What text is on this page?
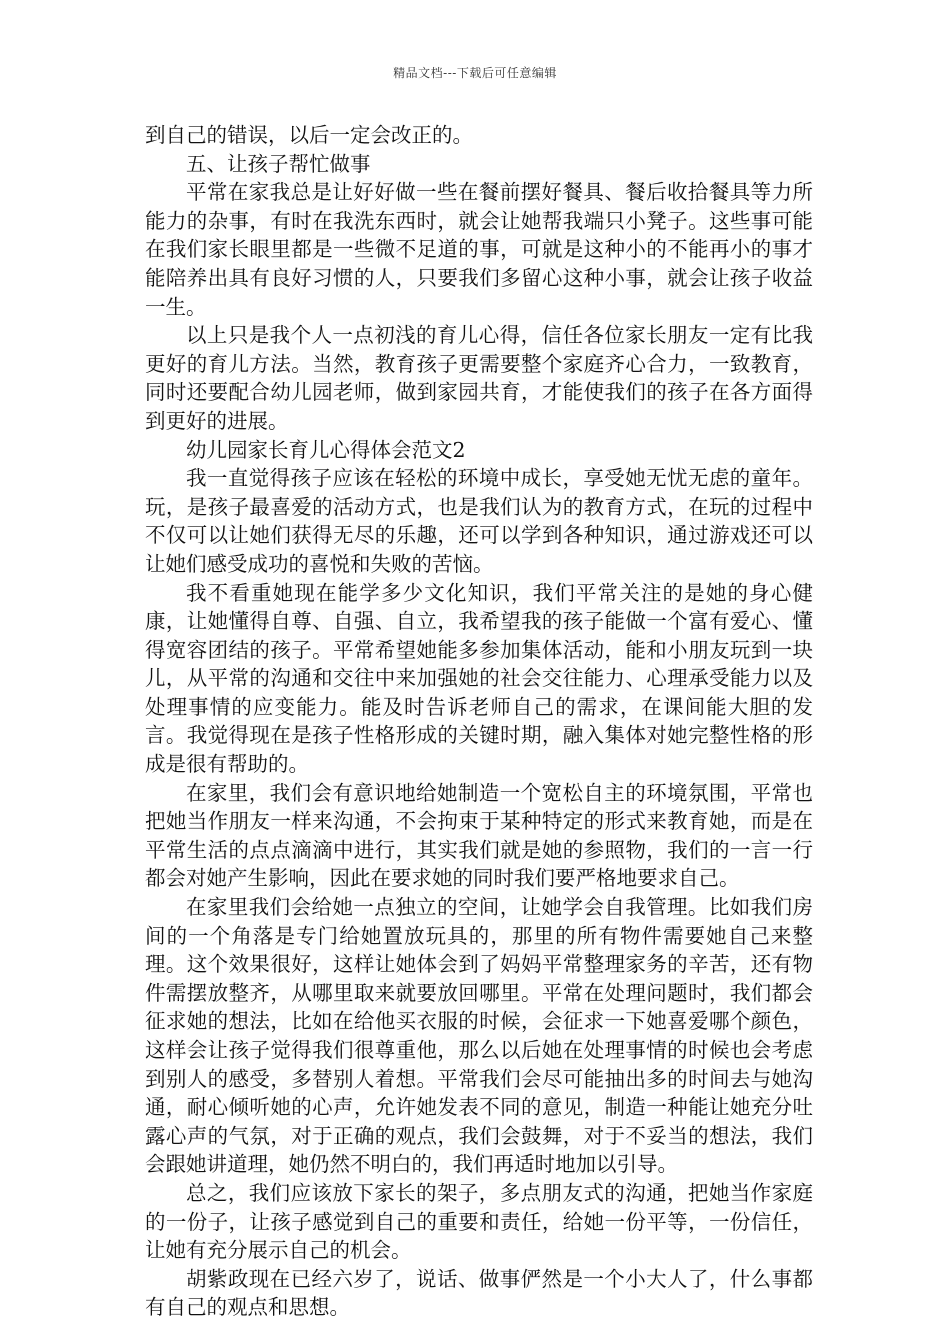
精品文档---下载后可任意编辑

到自己的错误，以后一定会改正的。

五、让孩子帮忙做事

平常在家我总是让好好做一些在餐前摆好餐具、餐后收拾餐具等力所能力的杂事，有时在我洗东西时，就会让她帮我端只小凳子。这些事可能在我们家长眼里都是一些微不足道的事，可就是这种小的不能再小的事才能陪养出具有良好习惯的人，只要我们多留心这种小事，就会让孩子收益一生。

以上只是我个人一点初浅的育儿心得，信任各位家长朋友一定有比我更好的育儿方法。当然，教育孩子更需要整个家庭齐心合力，一致教育，同时还要配合幼儿园老师，做到家园共育，才能使我们的孩子在各方面得到更好的进展。

幼儿园家长育儿心得体会范文2

我一直觉得孩子应该在轻松的环境中成长，享受她无忧无虑的童年。玩，是孩子最喜爱的活动方式，也是我们认为的教育方式，在玩的过程中不仅可以让她们获得无尽的乐趣，还可以学到各种知识，通过游戏还可以让她们感受成功的喜悦和失败的苦恼。

我不看重她现在能学多少文化知识，我们平常关注的是她的身心健康，让她懂得自尊、自强、自立，我希望我的孩子能做一个富有爱心、懂得宽容团结的孩子。平常希望她能多参加集体活动，能和小朋友玩到一块儿，从平常的沟通和交往中来加强她的社会交往能力、心理承受能力以及处理事情的应变能力。能及时告诉老师自己的需求，在课间能大胆的发言。我觉得现在是孩子性格形成的关键时期，融入集体对她完整性格的形成是很有帮助的。

在家里，我们会有意识地给她制造一个宽松自主的环境氛围，平常也把她当作朋友一样来沟通，不会拘束于某种特定的形式来教育她，而是在平常生活的点点滴滴中进行，其实我们就是她的参照物，我们的一言一行都会对她产生影响，因此在要求她的同时我们要严格地要求自己。

在家里我们会给她一点独立的空间，让她学会自我管理。比如我们房间的一个角落是专门给她置放玩具的，那里的所有物件需要她自己来整理。这个效果很好，这样让她体会到了妈妈平常整理家务的辛苦，还有物件需摆放整齐，从哪里取来就要放回哪里。平常在处理问题时，我们都会征求她的想法，比如在给他买衣服的时候，会征求一下她喜爱哪个颜色，这样会让孩子觉得我们很尊重他，那么以后她在处理事情的时候也会考虑到别人的感受，多替别人着想。平常我们会尽可能抽出多的时间去与她沟通，耐心倾听她的心声，允许她发表不同的意见，制造一种能让她充分吐露心声的气氛，对于正确的观点，我们会鼓舞，对于不妥当的想法，我们会跟她讲道理，她仍然不明白的，我们再适时地加以引导。

总之，我们应该放下家长的架子，多点朋友式的沟通，把她当作家庭的一份子，让孩子感觉到自己的重要和责任，给她一份平等，一份信任，让她有充分展示自己的机会。

胡紫政现在已经六岁了，说话、做事俨然是一个小大人了，什么事都有自己的观点和思想。
